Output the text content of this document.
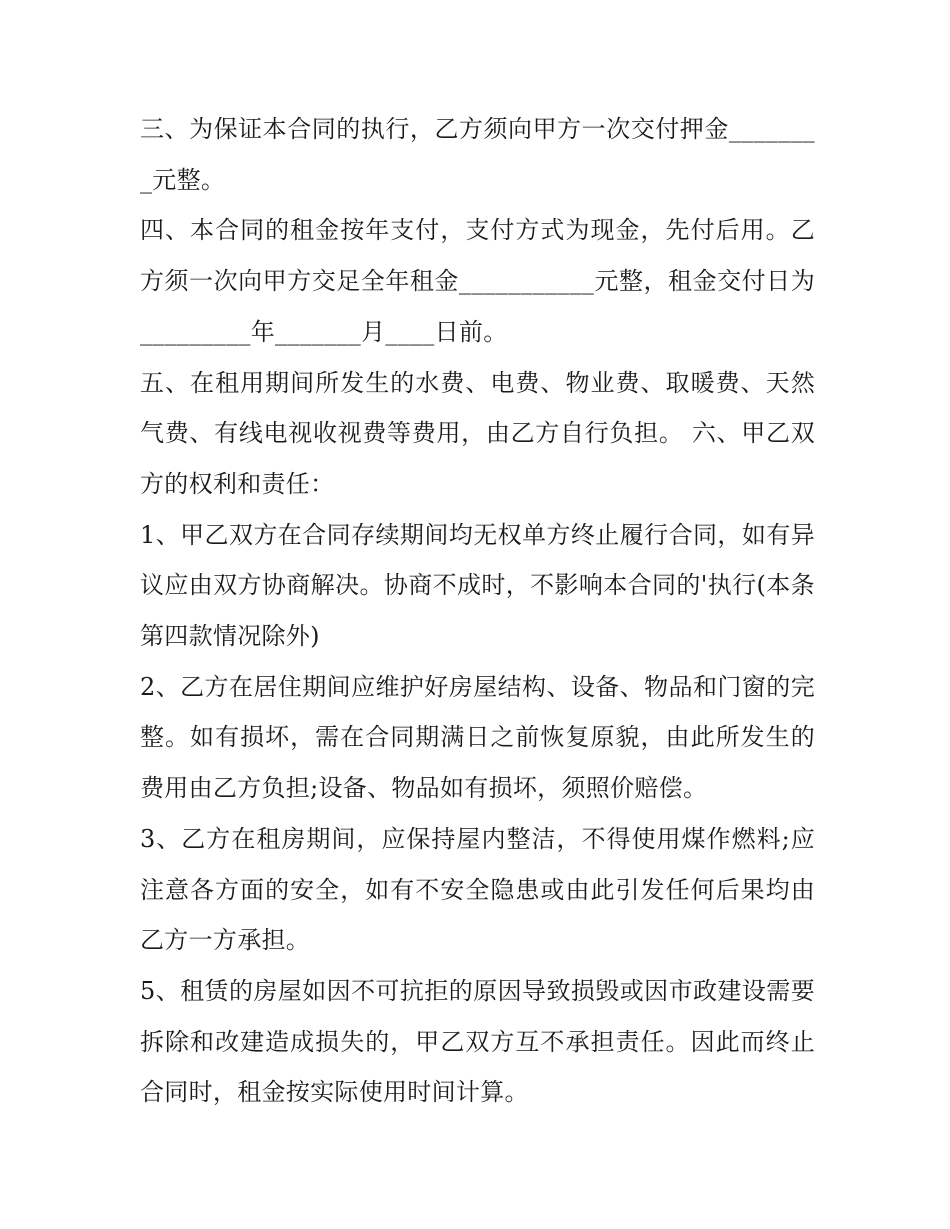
三、为保证本合同的执行，乙方须向甲方一次交付押金________元整。

四、本合同的租金按年支付，支付方式为现金，先付后用。乙方须一次向甲方交足全年租金___________元整，租金交付日为_________年_______月____日前。

五、在租用期间所发生的水费、电费、物业费、取暖费、天然气费、有线电视收视费等费用，由乙方自行负担。 六、甲乙双方的权利和责任：

1、甲乙双方在合同存续期间均无权单方终止履行合同，如有异议应由双方协商解决。协商不成时，不影响本合同的'执行(本条第四款情况除外)

2、乙方在居住期间应维护好房屋结构、设备、物品和门窗的完整。如有损坏，需在合同期满日之前恢复原貌，由此所发生的费用由乙方负担;设备、物品如有损坏，须照价赔偿。

3、乙方在租房期间，应保持屋内整洁，不得使用煤作燃料;应注意各方面的安全，如有不安全隐患或由此引发任何后果均由乙方一方承担。

5、租赁的房屋如因不可抗拒的原因导致损毁或因市政建设需要拆除和改建造成损失的，甲乙双方互不承担责任。因此而终止合同时，租金按实际使用时间计算。
